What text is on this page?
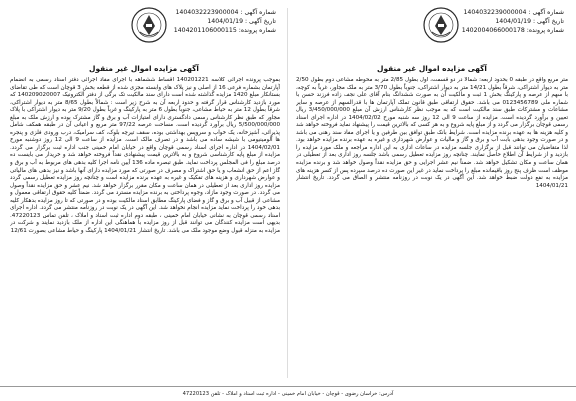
شماره آگهی : 1404032223900004
تاریخ آگهی : 1404/01/19
شماره پرونده: 1404201106000115
آگهی مزایده اموال غیر منقول

بموجب پرونده اجرائی کلاسه 140201221 اقساط ششماهه با اجرای مفاد اجرائی دفتر اسناد رسمی به انضمام آپارتمان بشماره فرعی 16 از اصلی و نیز پلاک های وابسته مجزی شده از قطعه بخش 3 قوچان است که طی تقاضای بستانکار مبلغ 1420 مزایده گذاشته شده است دارای سند مالکیت تک برگی از دفتر الکترونیک 140209020007 که مورد بازدید کارشناس قرار گرفته و حدود اربعه آن به شرح زیر است : شمالاً بطول 8/65 متر به دیوار اشتراکی، شرقاً بطول 12 متر به حیاط مشاعی، جنوباً بطول 6 متر به پارکینگ و غرباً بطول 9/20 متر به دیوار اشتراکی با پلاک مجاور که طبق نظر کارشناس رسمی دادگستری دارای امتیازات آب و برق و گاز مشترک بوده و ارزش ملک به مبلغ 5/500/000/000 ریال برآورد گردیده است. مساحت عرصه 97/22 متر مربع و اعیانی آن در طبقه همکف شامل پذیرائی، آشپزخانه، یک خواب و سرویس بهداشتی بوده، سقف تیرچه بلوک، کف سرامیک، درب ورودی فلزی و پنجره ها آلومینیومی با شیشه ساده می باشد و در تصرف مالک است. مزایده از ساعت 9 الی 12 روز دوشنبه مورخ 1404/02/01 در اداره اجرای اسناد رسمی قوچان واقع در خیابان امام خمینی جنب اداره ثبت برگزار می گردد. مزایده از مبلغ پایه کارشناسی شروع و به بالاترین قیمت پیشنهادی نقداً فروخته خواهد شد و خریدار می بایست ده درصد مبلغ را فی المجلس پرداخت نماید. طبق تبصره ماده 136 آیین نامه اجرا کلیه بدهی های مربوط به آب و برق و گاز اعم از حق انشعاب و یا حق اشتراک و مصرف در صورتی که مورد مزایده دارای آنها باشد و نیز بدهی های مالیاتی و عوارض شهرداری و هزینه های تفکیک و غیره به عهده برنده مزایده است و چنانچه روز مزایده تعطیل رسمی گردد مزایده روز اداری بعد از تعطیلی در همان ساعت و مکان مقرر برگزار خواهد شد. نیم عشر و حق مزایده نقداً وصول می گردد. در صورت وجود مازاد، وجوه پرداختی به برنده مزایده مسترد می گردد. ضمناً کلیه حقوق ارتفاقی معمول و مشاعی از قبیل آب و برق و گاز و فضای پارکینگ مطابق اسناد مالکیت بوده و در صورتی که تا روز مزایده بدهکار کلیه بدهی خود را پرداخت نماید مزایده انجام نخواهد شد. این آگهی در یک نوبت در روزنامه منتشر می گردد. اداره اجرای اسناد رسمی قوچان به نشانی خیابان امام خمینی ، طبقه دوم اداره ثبت اسناد و املاک ، تلفن تماس 47220123. بدیهی است مزایده کنندگان می توانند قبل از روز مزایده با هماهنگی این اداره از ملک بازدید نمایند و شرکت در مزایده به منزله قبول وضع موجود ملک می باشد. تاریخ انتشار 1404/01/21 پارکینگ و حیاط مشاعی بصورت 12/61

شماره آگهی : 1404032239000004
تاریخ آگهی : 1404/01/19
شماره پرونده: 1402004066000178
آگهی مزایده اموال غیر منقول

متر مربع واقع در طبقه 0 بحدود اربعه: شمالاً در دو قسمت، اول بطول 2/85 متر به محوطه مشاعی دوم بطول 2/50 متر به دیوار اشتراکی، شرقاً بطول 14/21 متر به دیوار اشتراکی، جنوباً بطول 3/70 متر به ملک مجاور، غرباً به کوچه، با سهم از عرصه و پارکینگ بخش 1 ثبت و مالکیت آن به صورت ششدانگ بنام آقای علی نجف زاده فرزند حسن با شماره ملی 0123456789 می باشد. حقوق ارتفاقی طبق قانون تملک آپارتمان ها با قدرالسهم از عرصه و سایر مشاعات و مشترکات طبق سند مالکیت است که به موجب نظر کارشناس ارزش آن مبلغ 3/450/000/000 ریال تعیین و برآورد گردیده است. مزایده از ساعت 9 الی 12 روز سه شنبه مورخ 1404/02/02 در اداره اجرای اسناد رسمی قوچان برگزار می گردد و از مبلغ پایه شروع و به هر کسی که بالاترین قیمت را پیشنهاد نماید فروخته خواهد شد و کلیه هزینه ها به عهده برنده مزایده است. شرایط بانک طبق توافق بین طرفین و یا اجرای مفاد سند رهنی می باشد و در صورت وجود بدهی بابت آب و برق و گاز و مالیات و عوارض شهرداری و غیره به عهده برنده مزایده خواهد بود. لذا متقاضیان می توانند قبل از برگزاری جلسه مزایده در ساعات اداری به این اداره مراجعه و ملک مورد مزایده را بازدید و از شرایط آن اطلاع حاصل نمایند. چنانچه روز مزایده تعطیل رسمی باشد جلسه روز اداری بعد از تعطیلی در همان ساعت و مکان تشکیل خواهد شد. ضمناً نیم عشر اجرایی و حق مزایده نقداً وصول خواهد شد و برنده مزایده موظف است ظرف پنج روز باقیمانده مبلغ را پرداخت نماید در غیر این صورت ده درصد سپرده پس از کسر هزینه های مزایده به نفع دولت ضبط خواهد شد. این آگهی در یک نوبت در روزنامه منتشر و الصاق می گردد. تاریخ انتشار 1404/01/21

آدرس: خراسان رضوی - قوچان - خیابان امام خمینی - اداره ثبت اسناد و املاک - تلفن 47220123
